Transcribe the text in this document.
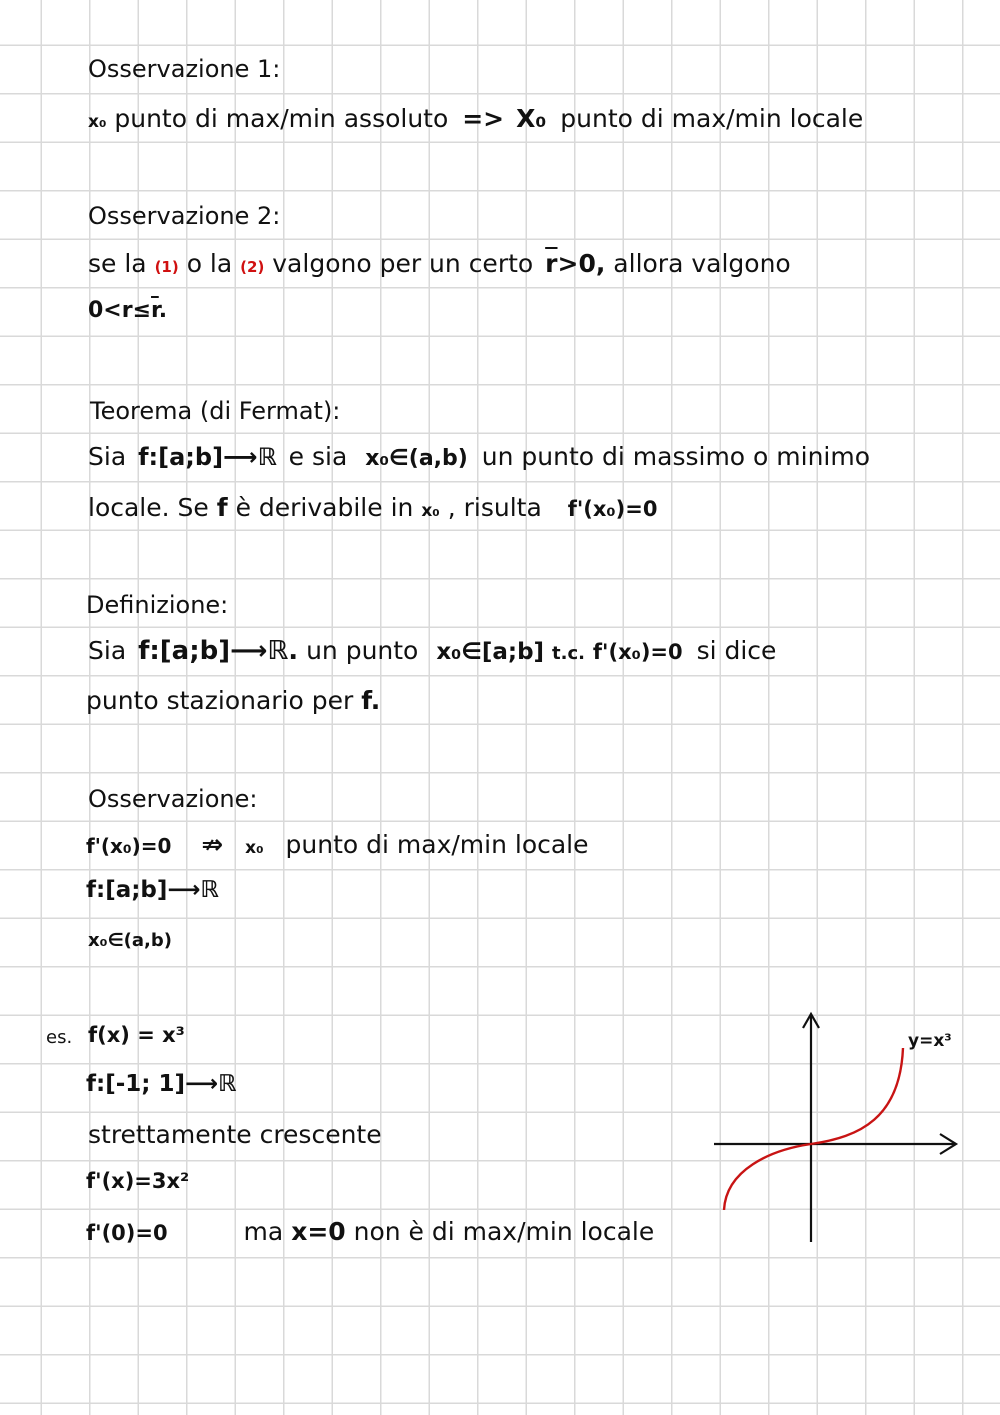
Osservazione 1:
x₀ punto di max/min assoluto => X₀ punto di max/min locale
Osservazione 2:
se la (1) o la (2) valgono per un certo $\overline{r}>0$, allora valgono
$0<r\le\overline{r}$.
Teorema (di Fermat):
Sia f:[a;b]⟶ℝ e sia x₀∈(a,b) un punto di massimo o minimo
locale. Se f è derivabile in x₀ , risulta f'(x₀)=0
Definizione:
Sia f:[a;b]⟶ℝ. un punto x₀∈[a;b] t.c. f'(x₀)=0 si dice
punto stazionario per f.
Osservazione:
f'(x₀)=0 ⇏ x₀ punto di max/min locale
f:[a;b]⟶ℝ
x₀∈(a,b)
es. f(x) = x³
f:[-1; 1]⟶ℝ
strettamente crescente
f'(x)=3x²
f'(0)=0	ma x=0 non è di max/min locale
y=x³
